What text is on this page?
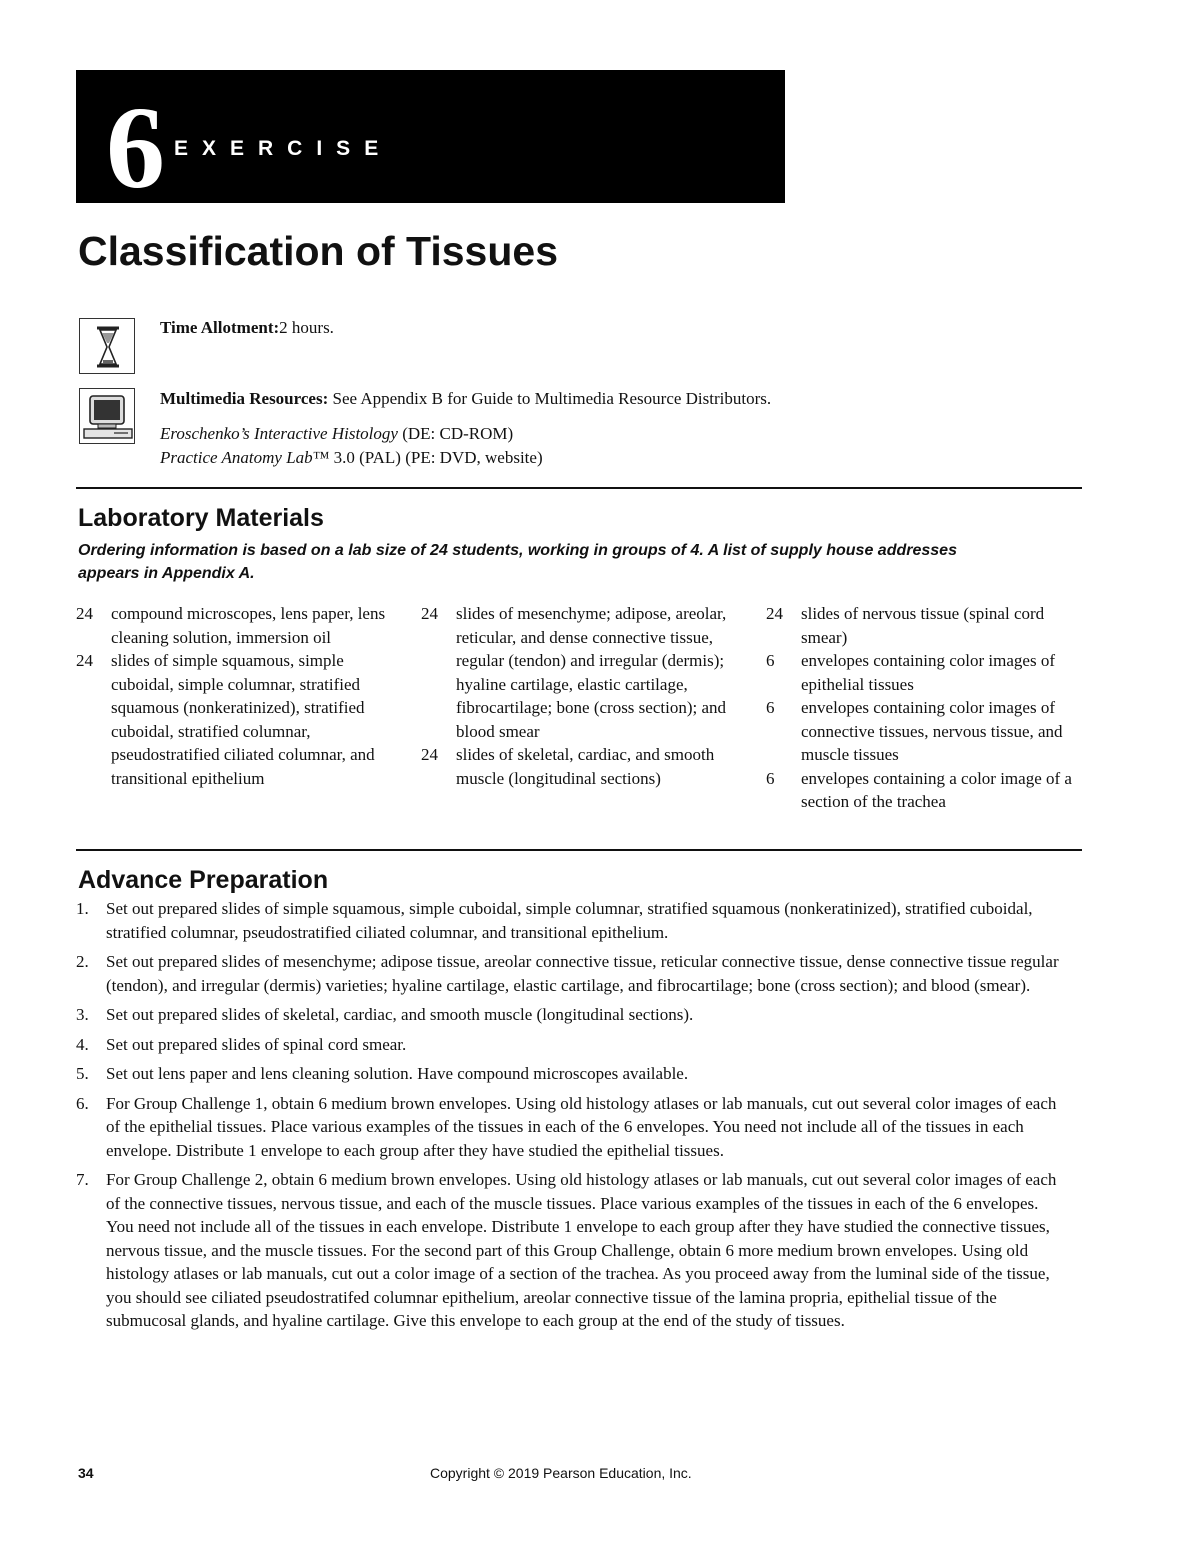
6 EXERCISE
Classification of Tissues
Time Allotment:2 hours.
Multimedia Resources: See Appendix B for Guide to Multimedia Resource Distributors.
Eroschenko’s Interactive Histology (DE: CD-ROM)
Practice Anatomy Lab™ 3.0 (PAL) (PE: DVD, website)
Laboratory Materials
Ordering information is based on a lab size of 24 students, working in groups of 4. A list of supply house addresses appears in Appendix A.
24 compound microscopes, lens paper, lens cleaning solution, immersion oil
24 slides of simple squamous, simple cuboidal, simple columnar, stratified squamous (nonkeratinized), stratified cuboidal, stratified columnar, pseudostratified ciliated columnar, and transitional epithelium
24 slides of mesenchyme; adipose, areolar, reticular, and dense connective tissue, regular (tendon) and irregular (dermis); hyaline cartilage, elastic cartilage, fibrocartilage; bone (cross section); and blood smear
24 slides of skeletal, cardiac, and smooth muscle (longitudinal sections)
24 slides of nervous tissue (spinal cord smear)
6 envelopes containing color images of epithelial tissues
6 envelopes containing color images of connective tissues, nervous tissue, and muscle tissues
6 envelopes containing a color image of a section of the trachea
Advance Preparation
1. Set out prepared slides of simple squamous, simple cuboidal, simple columnar, stratified squamous (nonkeratinized), stratified cuboidal, stratified columnar, pseudostratified ciliated columnar, and transitional epithelium.
2. Set out prepared slides of mesenchyme; adipose tissue, areolar connective tissue, reticular connective tissue, dense connective tissue regular (tendon), and irregular (dermis) varieties; hyaline cartilage, elastic cartilage, and fibrocartilage; bone (cross section); and blood (smear).
3. Set out prepared slides of skeletal, cardiac, and smooth muscle (longitudinal sections).
4. Set out prepared slides of spinal cord smear.
5. Set out lens paper and lens cleaning solution. Have compound microscopes available.
6. For Group Challenge 1, obtain 6 medium brown envelopes. Using old histology atlases or lab manuals, cut out several color images of each of the epithelial tissues. Place various examples of the tissues in each of the 6 envelopes. You need not include all of the tissues in each envelope. Distribute 1 envelope to each group after they have studied the epithelial tissues.
7. For Group Challenge 2, obtain 6 medium brown envelopes. Using old histology atlases or lab manuals, cut out several color images of each of the connective tissues, nervous tissue, and each of the muscle tissues. Place various examples of the tissues in each of the 6 envelopes. You need not include all of the tissues in each envelope. Distribute 1 envelope to each group after they have studied the connective tissues, nervous tissue, and the muscle tissues. For the second part of this Group Challenge, obtain 6 more medium brown envelopes. Using old histology atlases or lab manuals, cut out a color image of a section of the trachea. As you proceed away from the luminal side of the tissue, you should see ciliated pseudostratifed columnar epithelium, areolar connective tissue of the lamina propria, epithelial tissue of the submucosal glands, and hyaline cartilage. Give this envelope to each group at the end of the study of tissues.
34	Copyright © 2019 Pearson Education, Inc.
